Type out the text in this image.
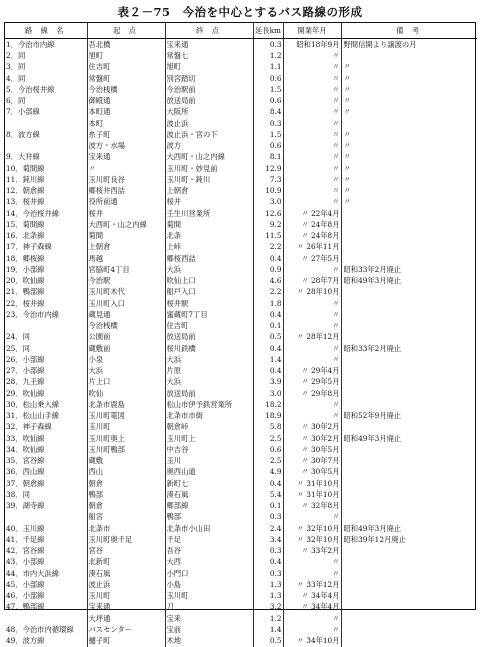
表２－75　今治を中心とするバス路線の形成
路 線 名	起 点	終 点	延長km	開業年月	備 考
1．今治市内線	吾北橋	宝来通	0.3	昭和18年9月	野間信開より譲渡の月
2．同	旭町	常盤七	1.2	〃	
3．同	住吉町	旭町	1.1	〃	〃
4．同	常盤町	別宮踏切	0.6	〃	〃
5．今治桜井線	今治桟橋	今治駅前	1.5	〃	〃
6．同	御殿通	放送局前	0.6	〃	〃
7．小部線	本町通	大阪所	8.4	〃	〃
	本町	波止浜	0.3	〃	
8．波方線	糸子町	波止浜・宮の下	1.5	〃	〃
	波方・水場	波方	0.6	〃	〃
9．大井線	宝来通	大西町・山之内線	8.1	〃	〃
10．菊間線	〃	玉川町・妙見前	12.9	〃	〃
11．鈍川線	玉川町良谷	玉川町・鈍川	7.3	〃	〃
12．朝倉線	郷桜井西詰	上朝倉	10.9	〃	〃
13．桜井線	役所前通	桜井	3.0	〃	〃
14．今治桜井線	桜井	壬生川営業所	12.6	〃 22年4月	
15．菊間線	大西町・山之内線	菊間	9.2	〃 24年8月	
16．北条線	菊間	北条	11.5	〃 24年8月	
17．神子森線	上朝倉	上峠	2.2	〃 26年11月	
18．郷桜線	馬越	郷桜西詰	0.4	〃 27年5月	
19．小部線	宮脇町4丁目	大浜	0.9	〃	昭和33年2月廃止
20．吹仙線	今治駅	吹仙上口	4.6	〃 28年7月	昭和49年3月廃止
21．鴨部線	玉川町木代	船戸入口	2.2	〃 28年10月	
22．桜井線	玉川町入口	桜井駅	1.8	〃	
23．今治市内線	蔵見通	蜜蔵町7丁目	0.4	〃	
	今治桟橋	住吉町	0.1	〃	
24．同	公園前	放送局前	0.5	〃 28年12月	
25．同	蔵敷前	桜川鉄橋	0.4	〃	昭和33年2月廃止
26．小部線	小泉	大浜	1.4	〃	
27．小部線	大浜	片原	0.4	〃 29年4月	
28．九王線	片上口	大浜	3.9	〃 29年5月	
29．吹仙線	吹仙	放送局前	3.0	〃 29年8月	
30．松山乗入線	北条市鹿島	松山市伊予鉄営業所	18.2	〃	
31．松山山手線	玉川町電図	北条市市街	18.9	〃	昭和52年9月廃止
32．神子森線	玉川町	朝倉峠	5.8	〃 30年2月	
33．吹仙線	玉川町奥上	玉川町上	2.5	〃 30年2月	昭和49年3月廃止
34．吹仙線	玉川町鴨部	中吉谷	0.6	〃 30年5月	
35．宮谷線	蔵敷	玉川	2.5	〃 30年7月	
36．西山線	西山	奥西山道	4.9	〃 30年5月	
37．朝倉線	朝倉	新町七	0.4	〃 31年10月	
38．同	鴨部	湊石風	5.4	〃 31年10月	
39．湖寺線	朝倉	郷部線	0.1	〃 32年8月	
	船宮	鴨部	0.3	〃	
40．玉川線	北条市	北条市小山田	2.4	〃 32年10月	昭和49年3月廃止
41．千足線	玉川町奥千足	千足	3.4	〃 32年10月	昭和39年12月廃止
42．宮谷線	宮谷	吾谷	0.3	〃 33年2月	
43．小部線	北新町	大西	0.4	〃	
44．市内大浜線	湊石風	小門口	0.3	〃	
45．小部線	波止浜	小島	1.3	〃 33年12月	
46．小部線	玉川町	玉川町	1.3	〃 34年4月	
47．鴨部線	宝来通	刀	3.2	〃 34年4月	
	大坪通	宝来	1.2	〃	
48．今治市内循環線	バスセンター	宝前	1.4	〃	
49．波方線	樋子町	木地	0.5	〃 34年10月	
